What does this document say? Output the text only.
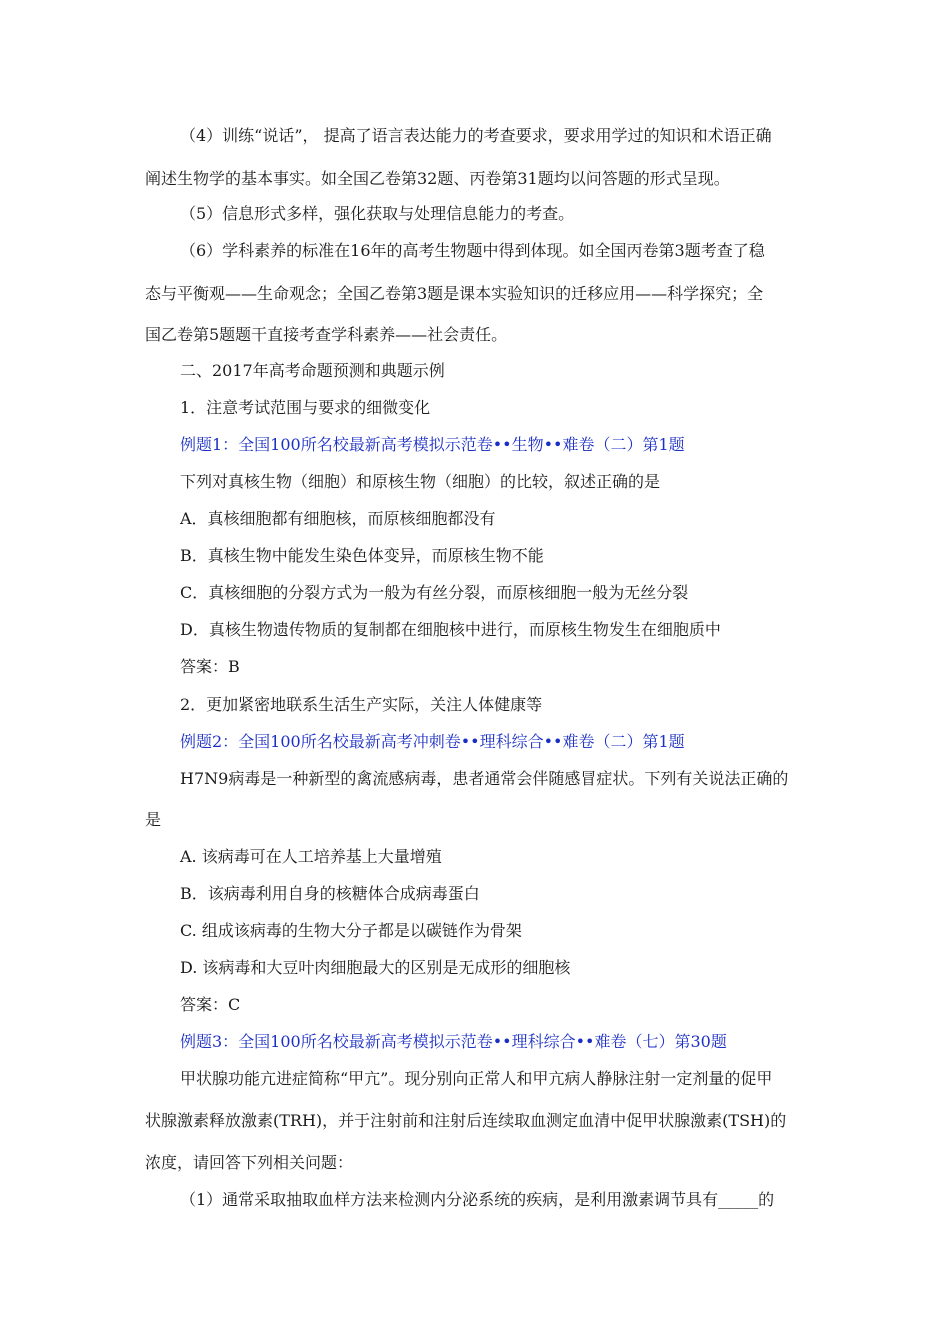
（4）训练“说话”， 提高了语言表达能力的考查要求，要求用学过的知识和术语正确
阐述生物学的基本事实。如全国乙卷第32题、丙卷第31题均以问答题的形式呈现。
（5）信息形式多样，强化获取与处理信息能力的考查。
（6）学科素养的标准在16年的高考生物题中得到体现。如全国丙卷第3题考查了稳
态与平衡观——生命观念；全国乙卷第3题是课本实验知识的迁移应用——科学探究；全
国乙卷第5题题干直接考查学科素养——社会责任。
二、2017年高考命题预测和典题示例
1．注意考试范围与要求的细微变化
例题1：全国100所名校最新高考模拟示范卷••生物••难卷（二）第1题
下列对真核生物（细胞）和原核生物（细胞）的比较，叙述正确的是
A．真核细胞都有细胞核，而原核细胞都没有
B．真核生物中能发生染色体变异，而原核生物不能
C．真核细胞的分裂方式为一般为有丝分裂，而原核细胞一般为无丝分裂
D．真核生物遗传物质的复制都在细胞核中进行，而原核生物发生在细胞质中
答案：B
2．更加紧密地联系生活生产实际，关注人体健康等
例题2：全国100所名校最新高考冲刺卷••理科综合••难卷（二）第1题
H7N9病毒是一种新型的禽流感病毒，患者通常会伴随感冒症状。下列有关说法正确的
是
A. 该病毒可在人工培养基上大量增殖
B．该病毒利用自身的核糖体合成病毒蛋白
C. 组成该病毒的生物大分子都是以碳链作为骨架
D. 该病毒和大豆叶肉细胞最大的区别是无成形的细胞核
答案：C
例题3：全国100所名校最新高考模拟示范卷••理科综合••难卷（七）第30题
甲状腺功能亢进症简称“甲亢”。现分别向正常人和甲亢病人静脉注射一定剂量的促甲
状腺激素释放激素(TRH)，并于注射前和注射后连续取血测定血清中促甲状腺激素(TSH)的
浓度，请回答下列相关问题：
（1）通常采取抽取血样方法来检测内分泌系统的疾病，是利用激素调节具有_____的
